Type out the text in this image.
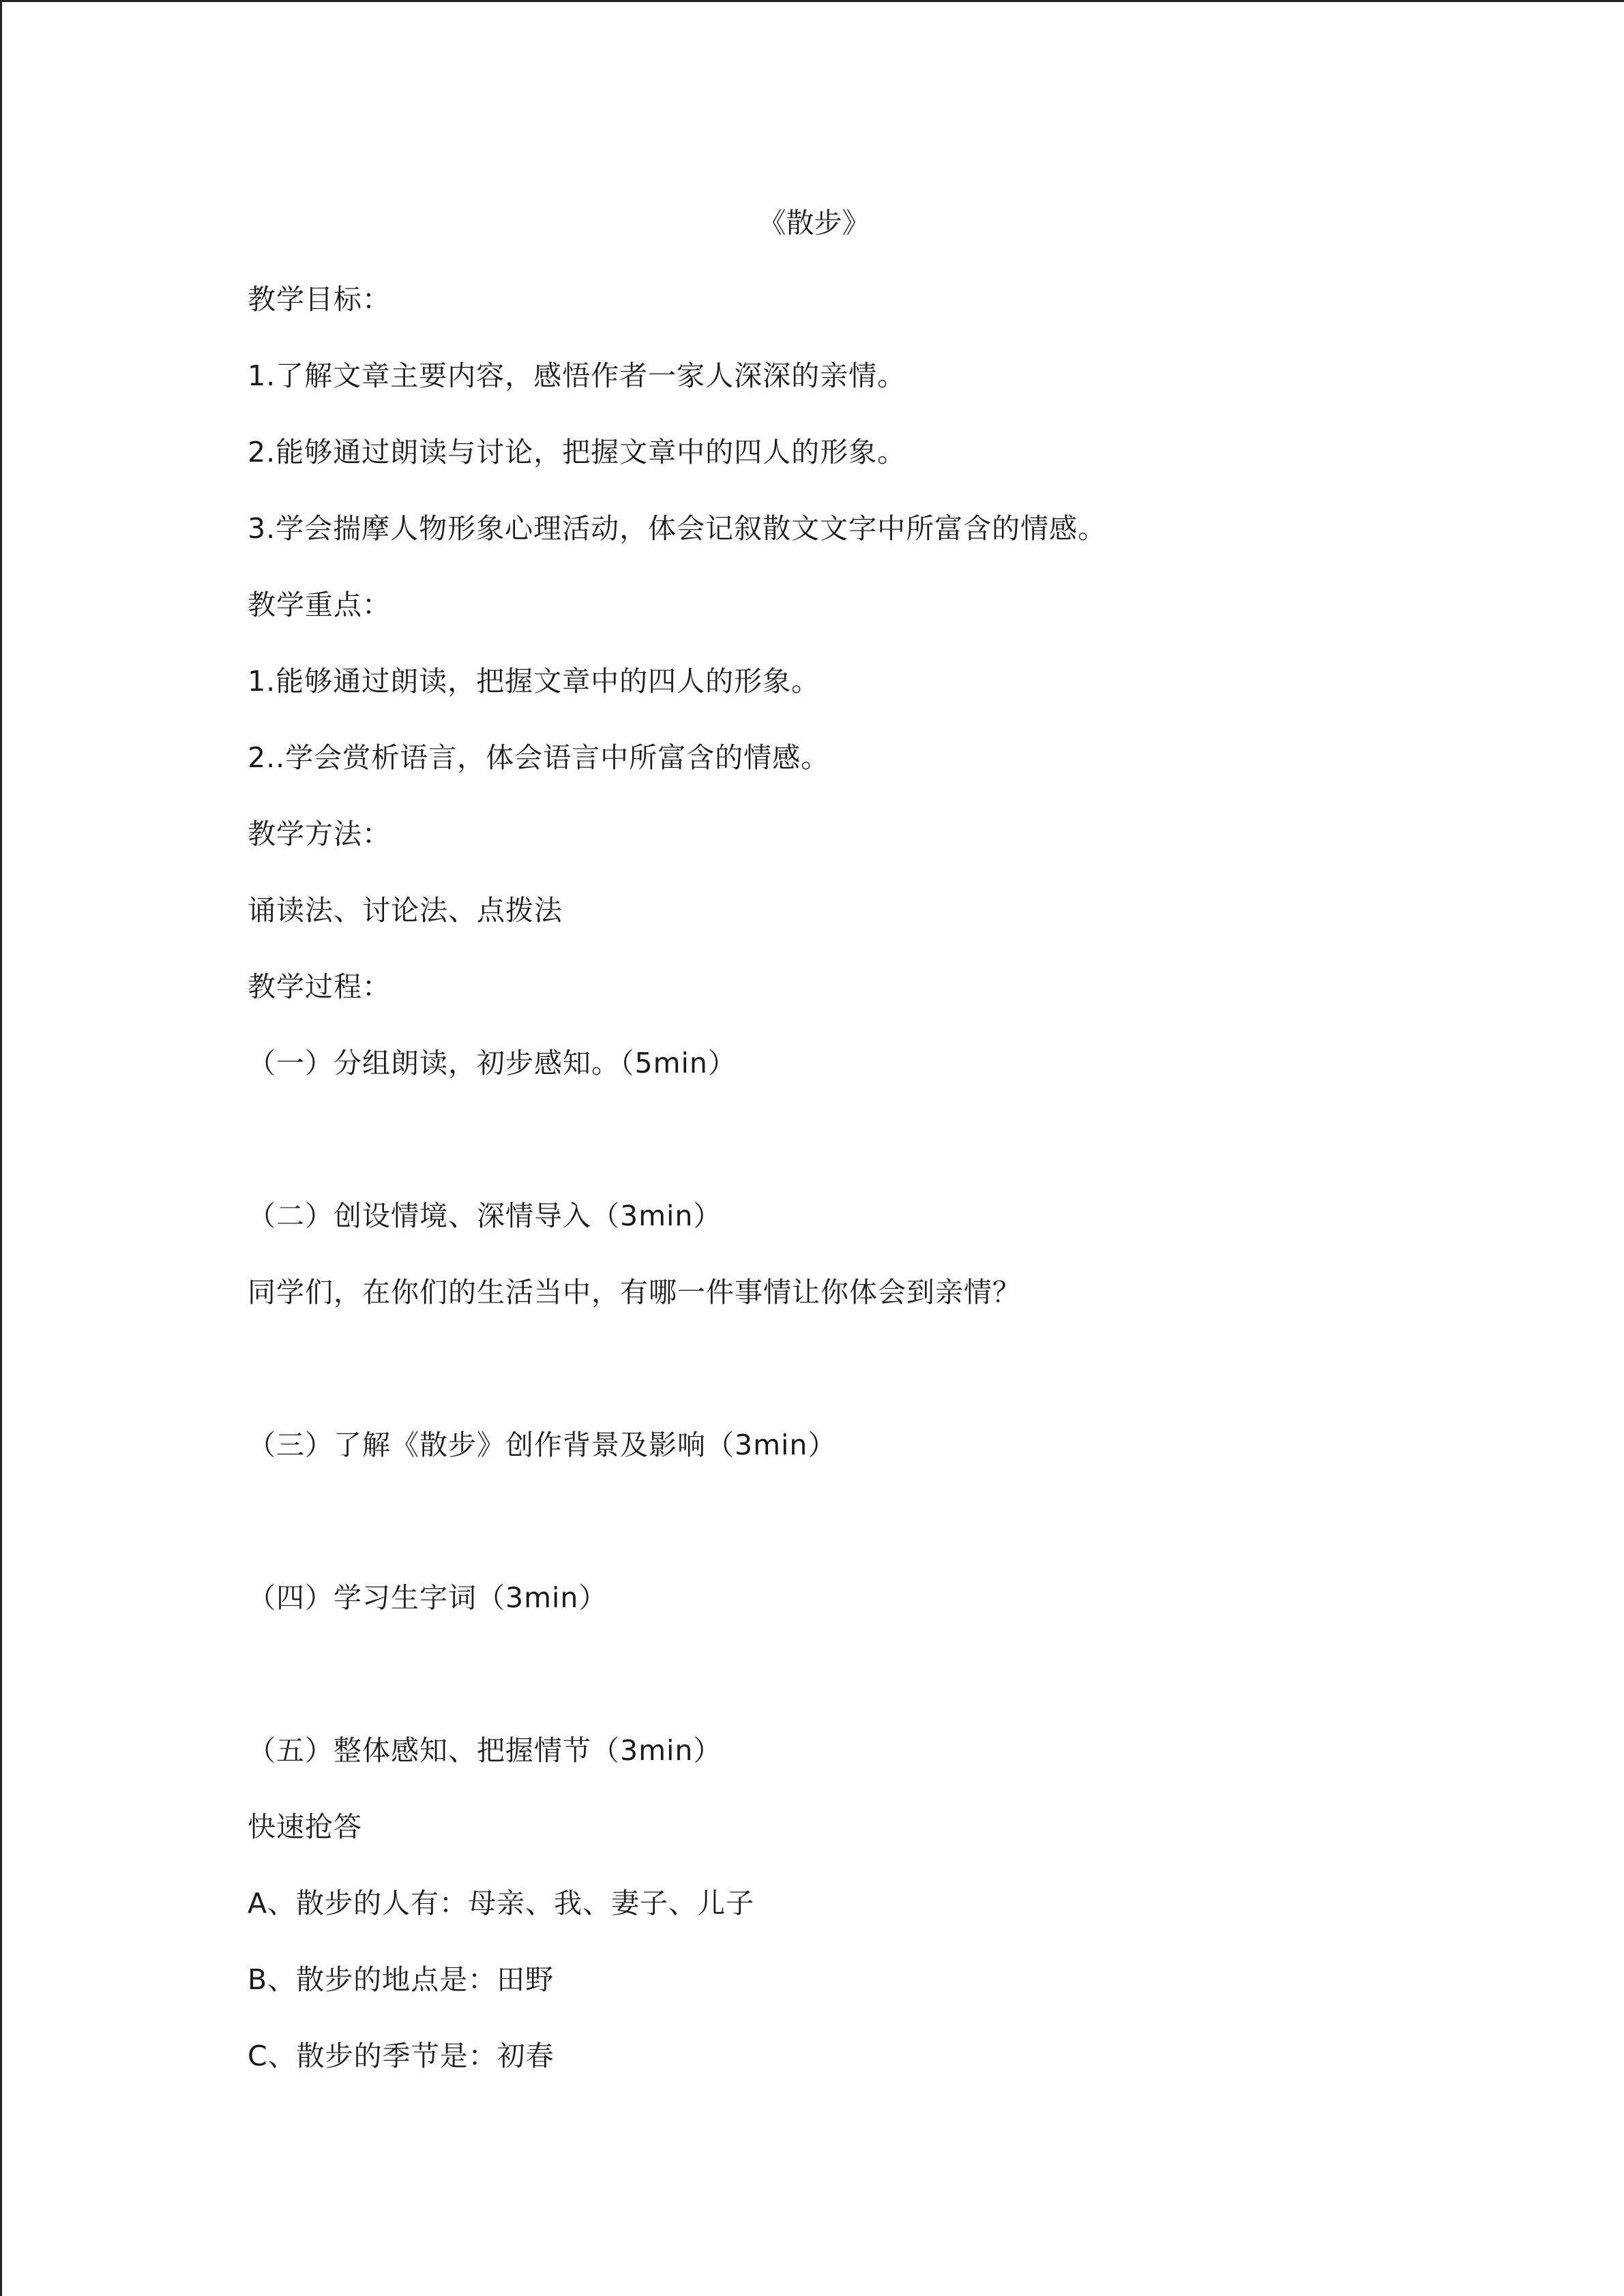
《散步》
教学目标：
1.了解文章主要内容，感悟作者一家人深深的亲情。
2.能够通过朗读与讨论，把握文章中的四人的形象。
3.学会揣摩人物形象心理活动，体会记叙散文文字中所富含的情感。
教学重点：
1.能够通过朗读，把握文章中的四人的形象。
2..学会赏析语言，体会语言中所富含的情感。
教学方法：
诵读法、讨论法、点拨法
教学过程：
（一）分组朗读，初步感知。（5min）
（二）创设情境、深情导入（3min）
同学们，在你们的生活当中，有哪一件事情让你体会到亲情？
（三）了解《散步》创作背景及影响（3min）
（四）学习生字词（3min）
（五）整体感知、把握情节（3min）
快速抢答
A、散步的人有：母亲、我、妻子、儿子
B、散步的地点是：田野
C、散步的季节是：初春
